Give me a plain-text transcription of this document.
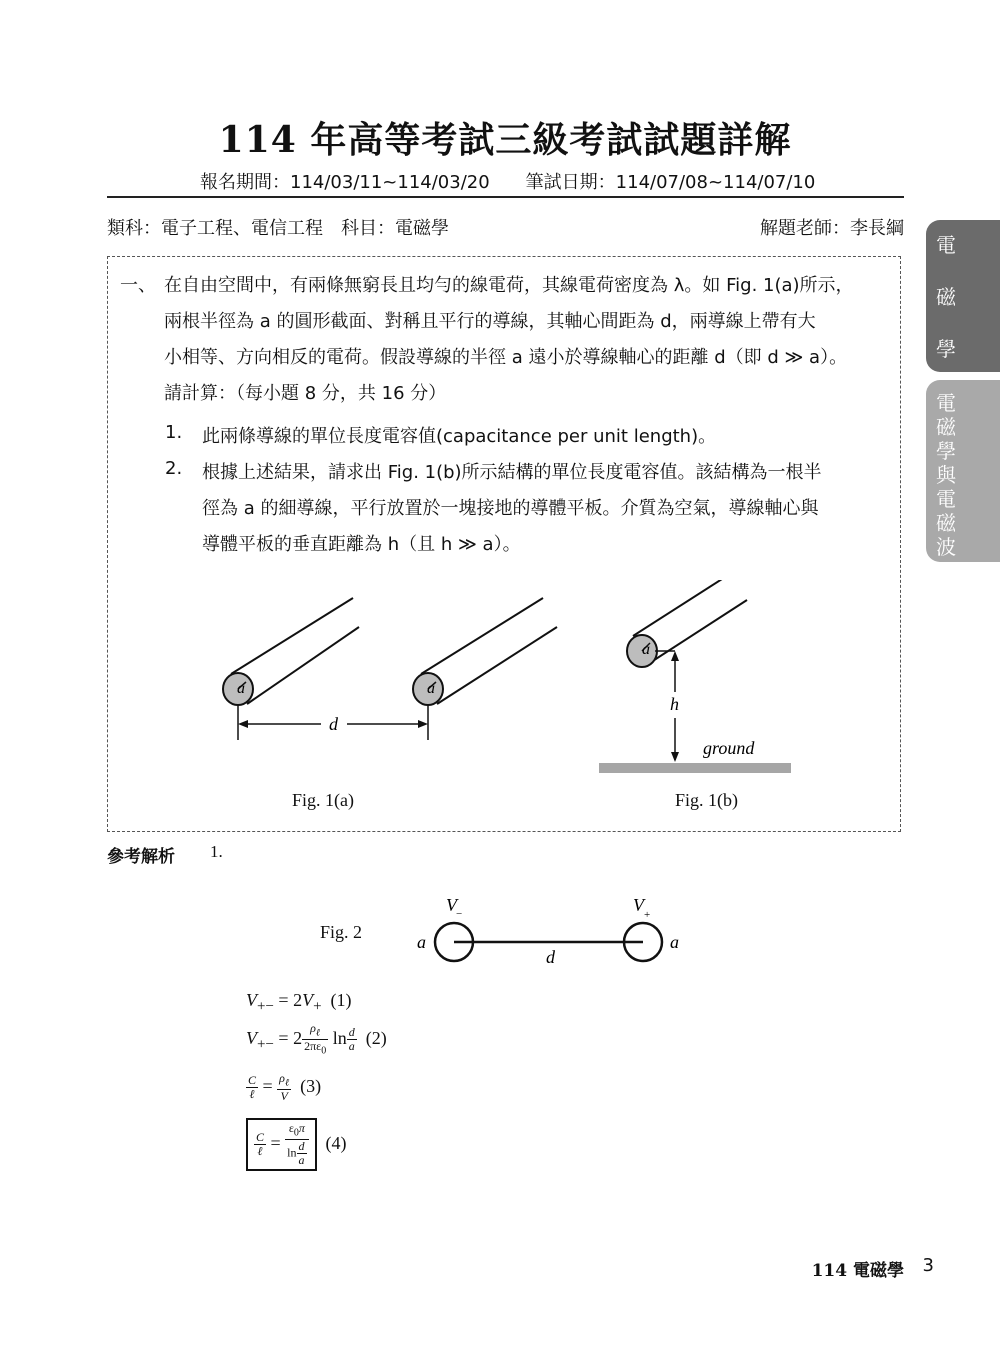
114 年高等考試三級考試試題詳解
報名期間：114/03/11~114/03/20 筆試日期：114/07/08~114/07/10
類科：電子工程、電信工程 科目：電磁學	解題老師：李長綱
一、 在自由空間中，有兩條無窮長且均勻的線電荷，其線電荷密度為 λ。如 Fig. 1(a)所示，
兩根半徑為 a 的圓形截面、對稱且平行的導線，其軸心間距為 d，兩導線上帶有大
小相等、方向相反的電荷。假設導線的半徑 a 遠小於導線軸心的距離 d（即 d ≫ a）。
請計算：（每小題 8 分，共 16 分）
1. 此兩條導線的單位長度電容值(capacitance per unit length)。
2. 根據上述結果，請求出 Fig. 1(b)所示結構的單位長度電容值。該結構為一根半
徑為 a 的細導線，平行放置於一塊接地的導體平板。介質為空氣，導線軸心與
導體平板的垂直距離為 h（且 h ≫ a）。
a	a
d
a
h
ground
Fig. 1(a)	Fig. 1(b)
參考解析 1.
Fig. 2
V −	V +
a	a
d
$V_{+-} = 2V_+$ (1)
$V_{+-} = 2 \frac{\rho_\ell}{2\pi\varepsilon_0}$ $\ln \frac{d}{a} (2)$
$\frac{C}{\text{ℓ}} = \frac{\rho_\ell}{V} (3)$
$\frac{C}{\text{ℓ}} = \frac{\varepsilon_0\pi}{\ln \frac{d}{a}} (4)$
電
磁
學
電
磁
學
與
電
磁
波
114 電磁學 3
